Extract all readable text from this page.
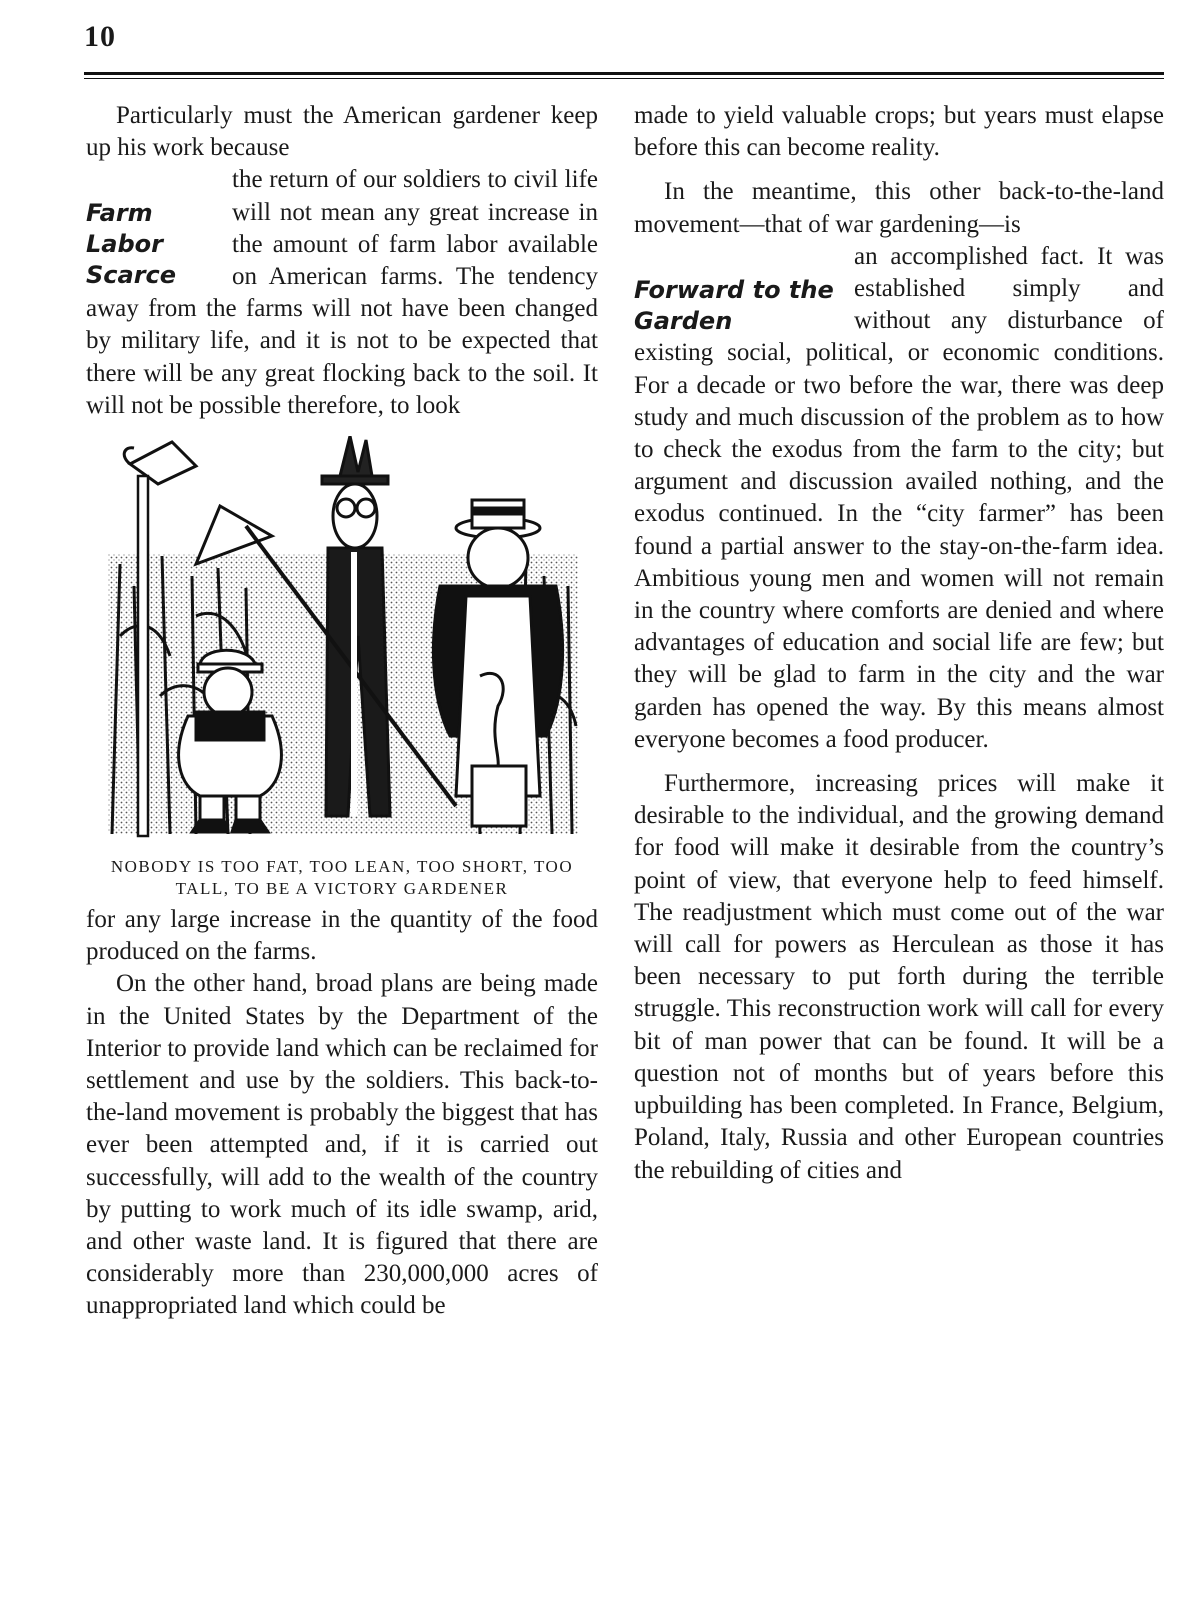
10

Particularly must the American gardener keep up his work because

Farm Labor Scarce

the return of our soldiers to civil life will not mean any great increase in the amount of farm labor available on American farms. The tendency away from the farms will not have been changed by military life, and it is not to be expected that there will be any great flocking back to the soil. It will not be possible therefore, to look

NOBODY IS TOO FAT, TOO LEAN, TOO SHORT, TOO TALL, TO BE A VICTORY GARDENER

for any large increase in the quantity of the food produced on the farms.

On the other hand, broad plans are being made in the United States by the Department of the Interior to provide land which can be reclaimed for settlement and use by the soldiers. This back-to-the-land movement is probably the biggest that has ever been attempted and, if it is carried out successfully, will add to the wealth of the country by putting to work much of its idle swamp, arid, and other waste land. It is figured that there are considerably more than 230,000,000 acres of unappropriated land which could be

made to yield valuable crops; but years must elapse before this can become reality.

In the meantime, this other back-to-the-land movement—that of war gardening—is

Forward to the Garden

an accomplished fact. It was established simply and without any disturbance of existing social, political, or economic conditions. For a decade or two before the war, there was deep study and much discussion of the problem as to how to check the exodus from the farm to the city; but argument and discussion availed nothing, and the exodus continued. In the “city farmer” has been found a partial answer to the stay-on-the-farm idea. Ambitious young men and women will not remain in the country where comforts are denied and where advantages of education and social life are few; but they will be glad to farm in the city and the war garden has opened the way. By this means almost everyone becomes a food producer.

Furthermore, increasing prices will make it desirable to the individual, and the growing demand for food will make it desirable from the country’s point of view, that everyone help to feed himself. The readjustment which must come out of the war will call for powers as Herculean as those it has been necessary to put forth during the terrible struggle. This reconstruction work will call for every bit of man power that can be found. It will be a question not of months but of years before this upbuilding has been completed. In France, Belgium, Poland, Italy, Russia and other European countries the rebuilding of cities and
